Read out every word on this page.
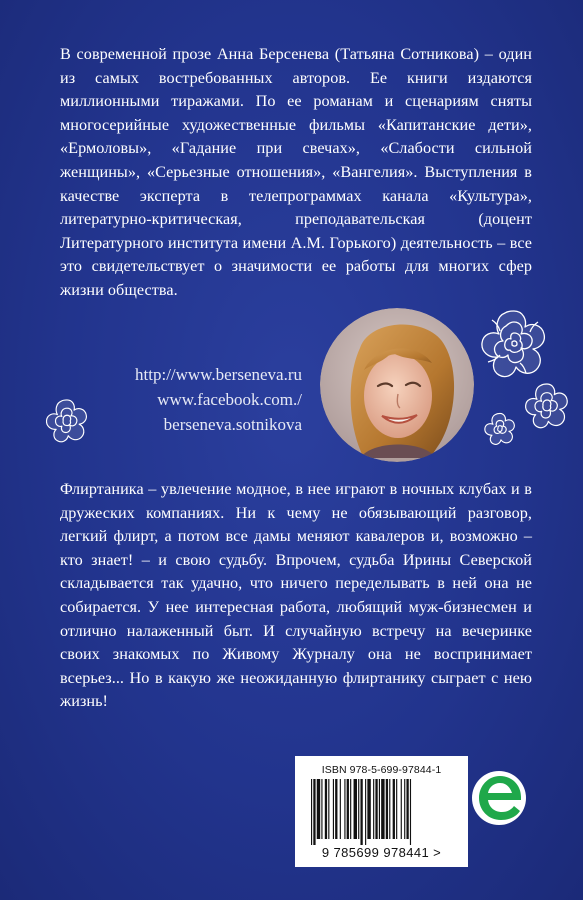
В современной прозе Анна Берсенева (Татьяна Сотникова) – один из самых востребованных авторов. Ее книги издаются миллионными тиражами. По ее романам и сценариям сняты многосерийные художественные фильмы «Капитанские дети», «Ермоловы», «Гадание при свечах», «Слабости сильной женщины», «Серьезные отношения», «Вангелия». Выступления в качестве эксперта в телепрограммах канала «Культура», литературно-критическая, преподавательская (доцент Литературного института имени А.М. Горького) деятельность – все это свидетельствует о значимости ее работы для многих сфер жизни общества.
http://www.berseneva.ru
www.facebook.com./
berseneva.sotnikova
Флиртаника – увлечение модное, в нее играют в ночных клубах и в дружеских компаниях. Ни к чему не обязывающий разговор, легкий флирт, а потом все дамы меняют кавалеров и, возможно – кто знает! – и свою судьбу. Впрочем, судьба Ирины Северской складывается так удачно, что ничего переделывать в ней она не собирается. У нее интересная работа, любящий муж-бизнесмен и отлично налаженный быт. И случайную встречу на вечеринке своих знакомых по Живому Журналу она не воспринимает всерьез... Но в какую же неожиданную флиртанику сыграет с нею жизнь!
ISBN 978-5-699-97844-1
9 785699 978441 >
